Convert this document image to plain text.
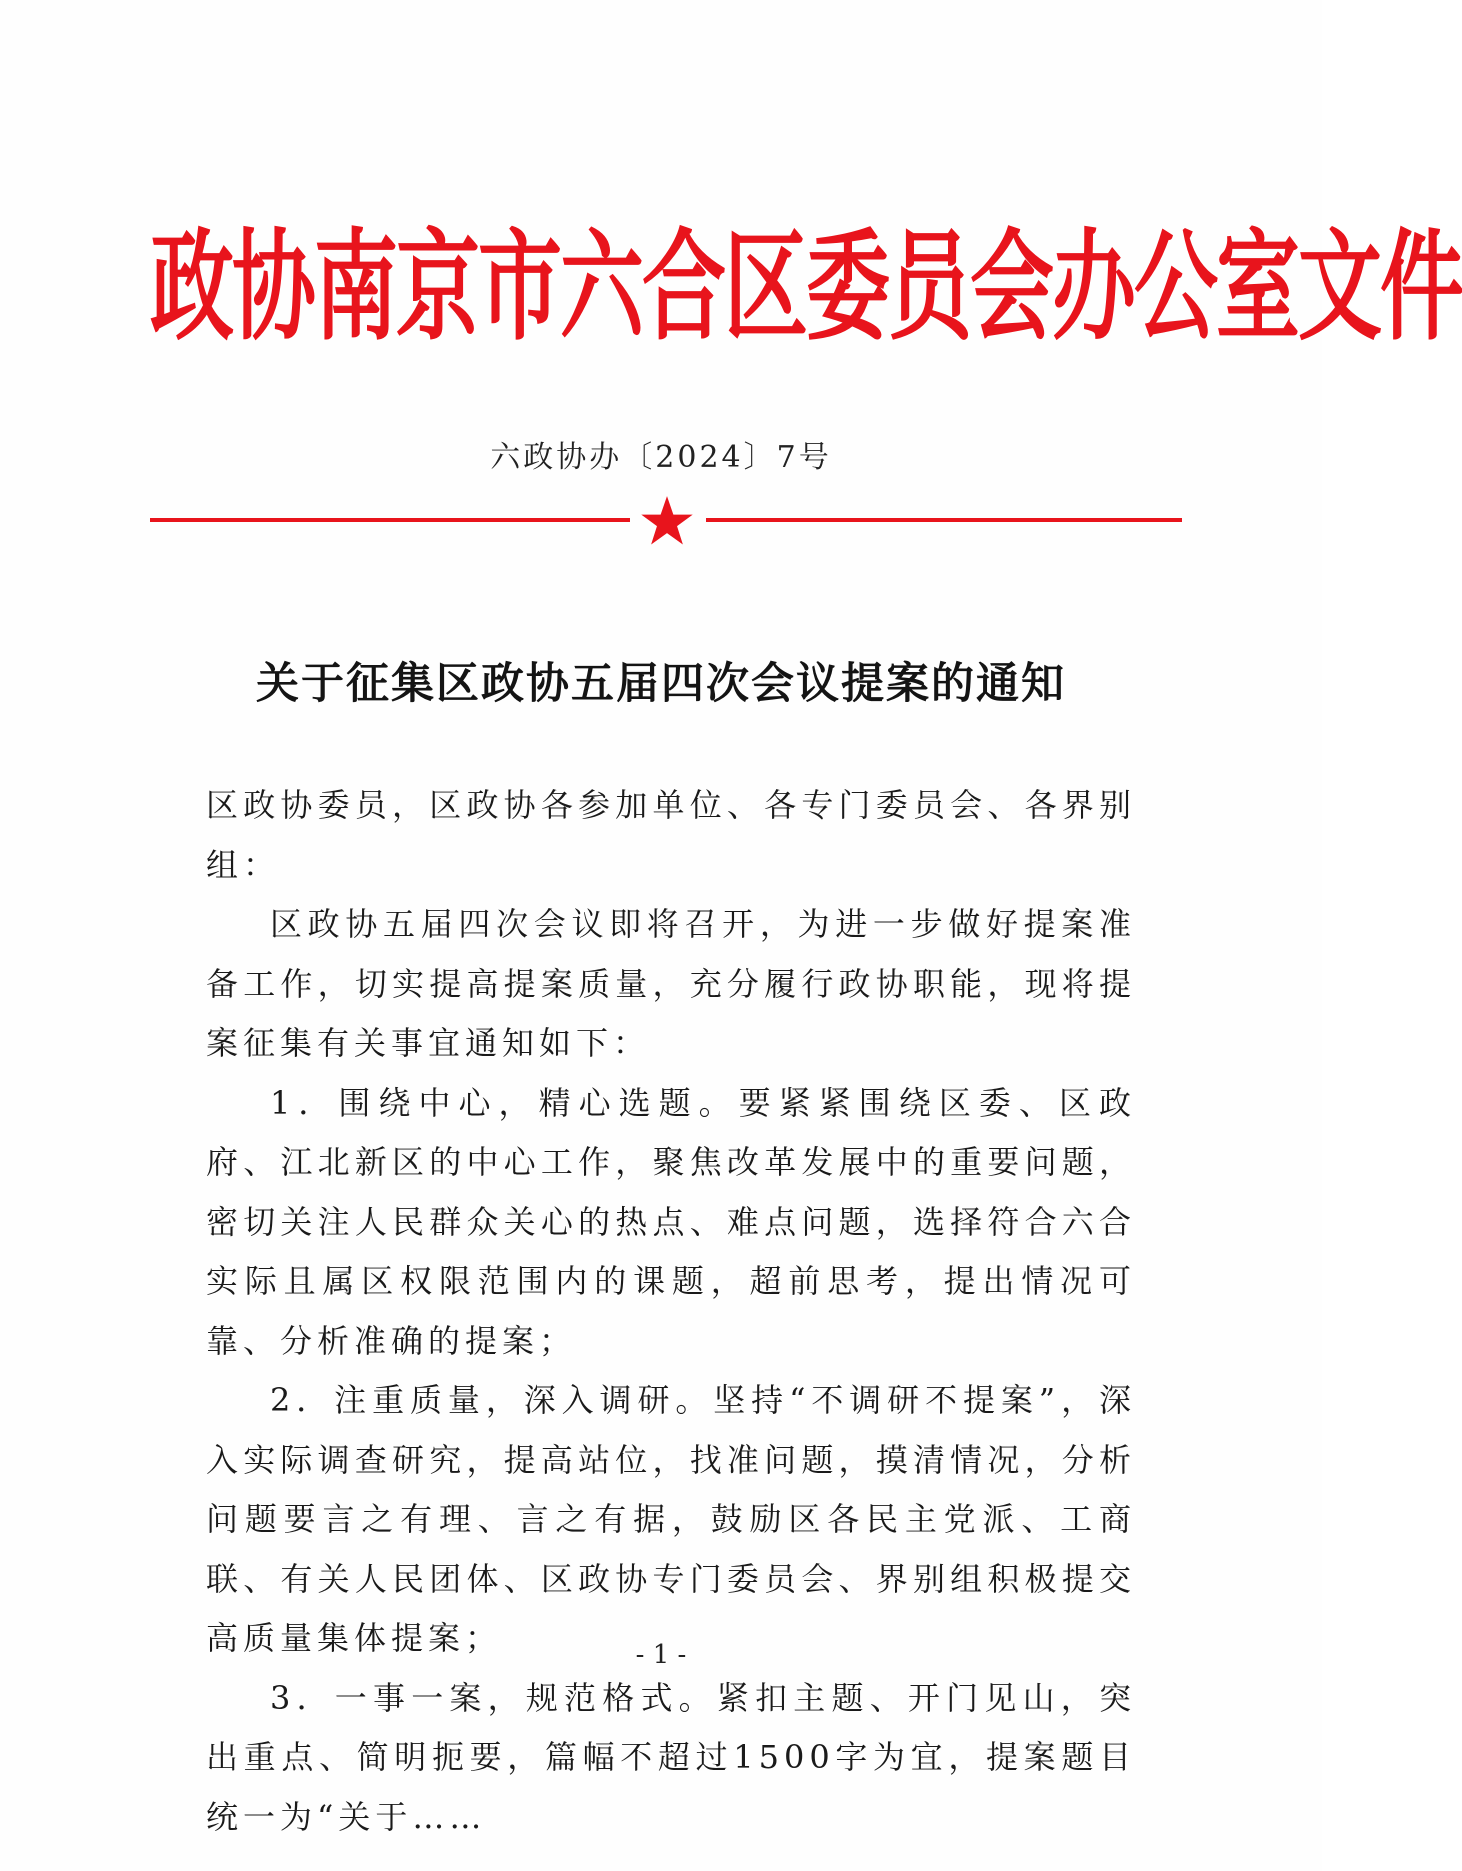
政协南京市六合区委员会办公室文件
六政协办〔2024〕7号
关于征集区政协五届四次会议提案的通知

区政协委员，区政协各参加单位、各专门委员会、各界别组：

区政协五届四次会议即将召开，为进一步做好提案准备工作，切实提高提案质量，充分履行政协职能，现将提案征集有关事宜通知如下：

1．围绕中心，精心选题。要紧紧围绕区委、区政府、江北新区的中心工作，聚焦改革发展中的重要问题，密切关注人民群众关心的热点、难点问题，选择符合六合实际且属区权限范围内的课题，超前思考，提出情况可靠、分析准确的提案；

2．注重质量，深入调研。坚持“不调研不提案”，深入实际调查研究，提高站位，找准问题，摸清情况，分析问题要言之有理、言之有据，鼓励区各民主党派、工商联、有关人民团体、区政协专门委员会、界别组积极提交高质量集体提案；

3．一事一案，规范格式。紧扣主题、开门见山，突出重点、简明扼要，篇幅不超过1500字为宜，提案题目统一为“关于……

- 1 -
